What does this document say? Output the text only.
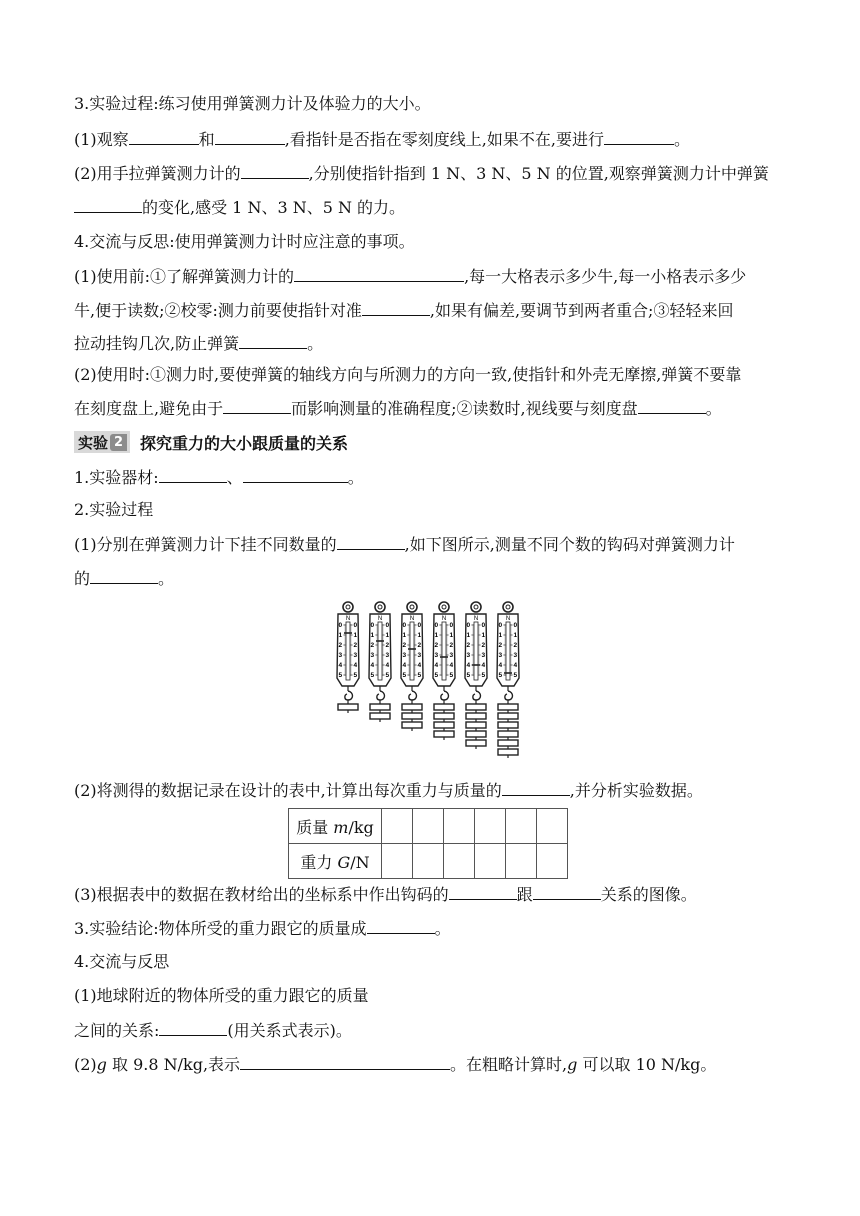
3.实验过程:练习使用弹簧测力计及体验力的大小。
(1)观察	和	,看指针是否指在零刻度线上,如果不在,要进行	。
(2)用手拉弹簧测力计的	,分别使指针指到 1 N、3 N、5 N 的位置,观察弹簧测力计中弹簧
的变化,感受 1 N、3 N、5 N 的力。
4.交流与反思:使用弹簧测力计时应注意的事项。
(1)使用前:①了解弹簧测力计的	,每一大格表示多少牛,每一小格表示多少
牛,便于读数;②校零:测力前要使指针对准	,如果有偏差,要调节到两者重合;③轻轻来回
拉动挂钩几次,防止弹簧	。
(2)使用时:①测力时,要使弹簧的轴线方向与所测力的方向一致,使指针和外壳无摩擦,弹簧不要靠
在刻度盘上,避免由于	而影响测量的准确程度;②读数时,视线要与刻度盘	。
实验 2 探究重力的大小跟质量的关系
1.实验器材:	、	。
2.实验过程
(1)分别在弹簧测力计下挂不同数量的	,如下图所示,测量不同个数的钩码对弹簧测力计
的	。
N
0 0
1 1
2 2
3 3
4 4
5 5
N
0 0
1 1
2 2
3 3
4 4
5 5
N
0 0
1 1
2 2
3 3
4 4
5 5
N
0 0
1 1
2 2
3 3
4 4
5 5
N
0 0
1 1
2 2
3 3
4 4
5 5
N
0 0
1 1
2 2
3 3
4 4
5 5
(2)将测得的数据记录在设计的表中,计算出每次重力与质量的	,并分析实验数据。
质量 m/kg						
重力 G/N						
(3)根据表中的数据在教材给出的坐标系中作出钩码的	跟	关系的图像。
3.实验结论:物体所受的重力跟它的质量成	。
4.交流与反思
(1)地球附近的物体所受的重力跟它的质量
之间的关系:	(用关系式表示)。
(2)g 取 9.8 N/kg,表示	。在粗略计算时,g 可以取 10 N/kg。
